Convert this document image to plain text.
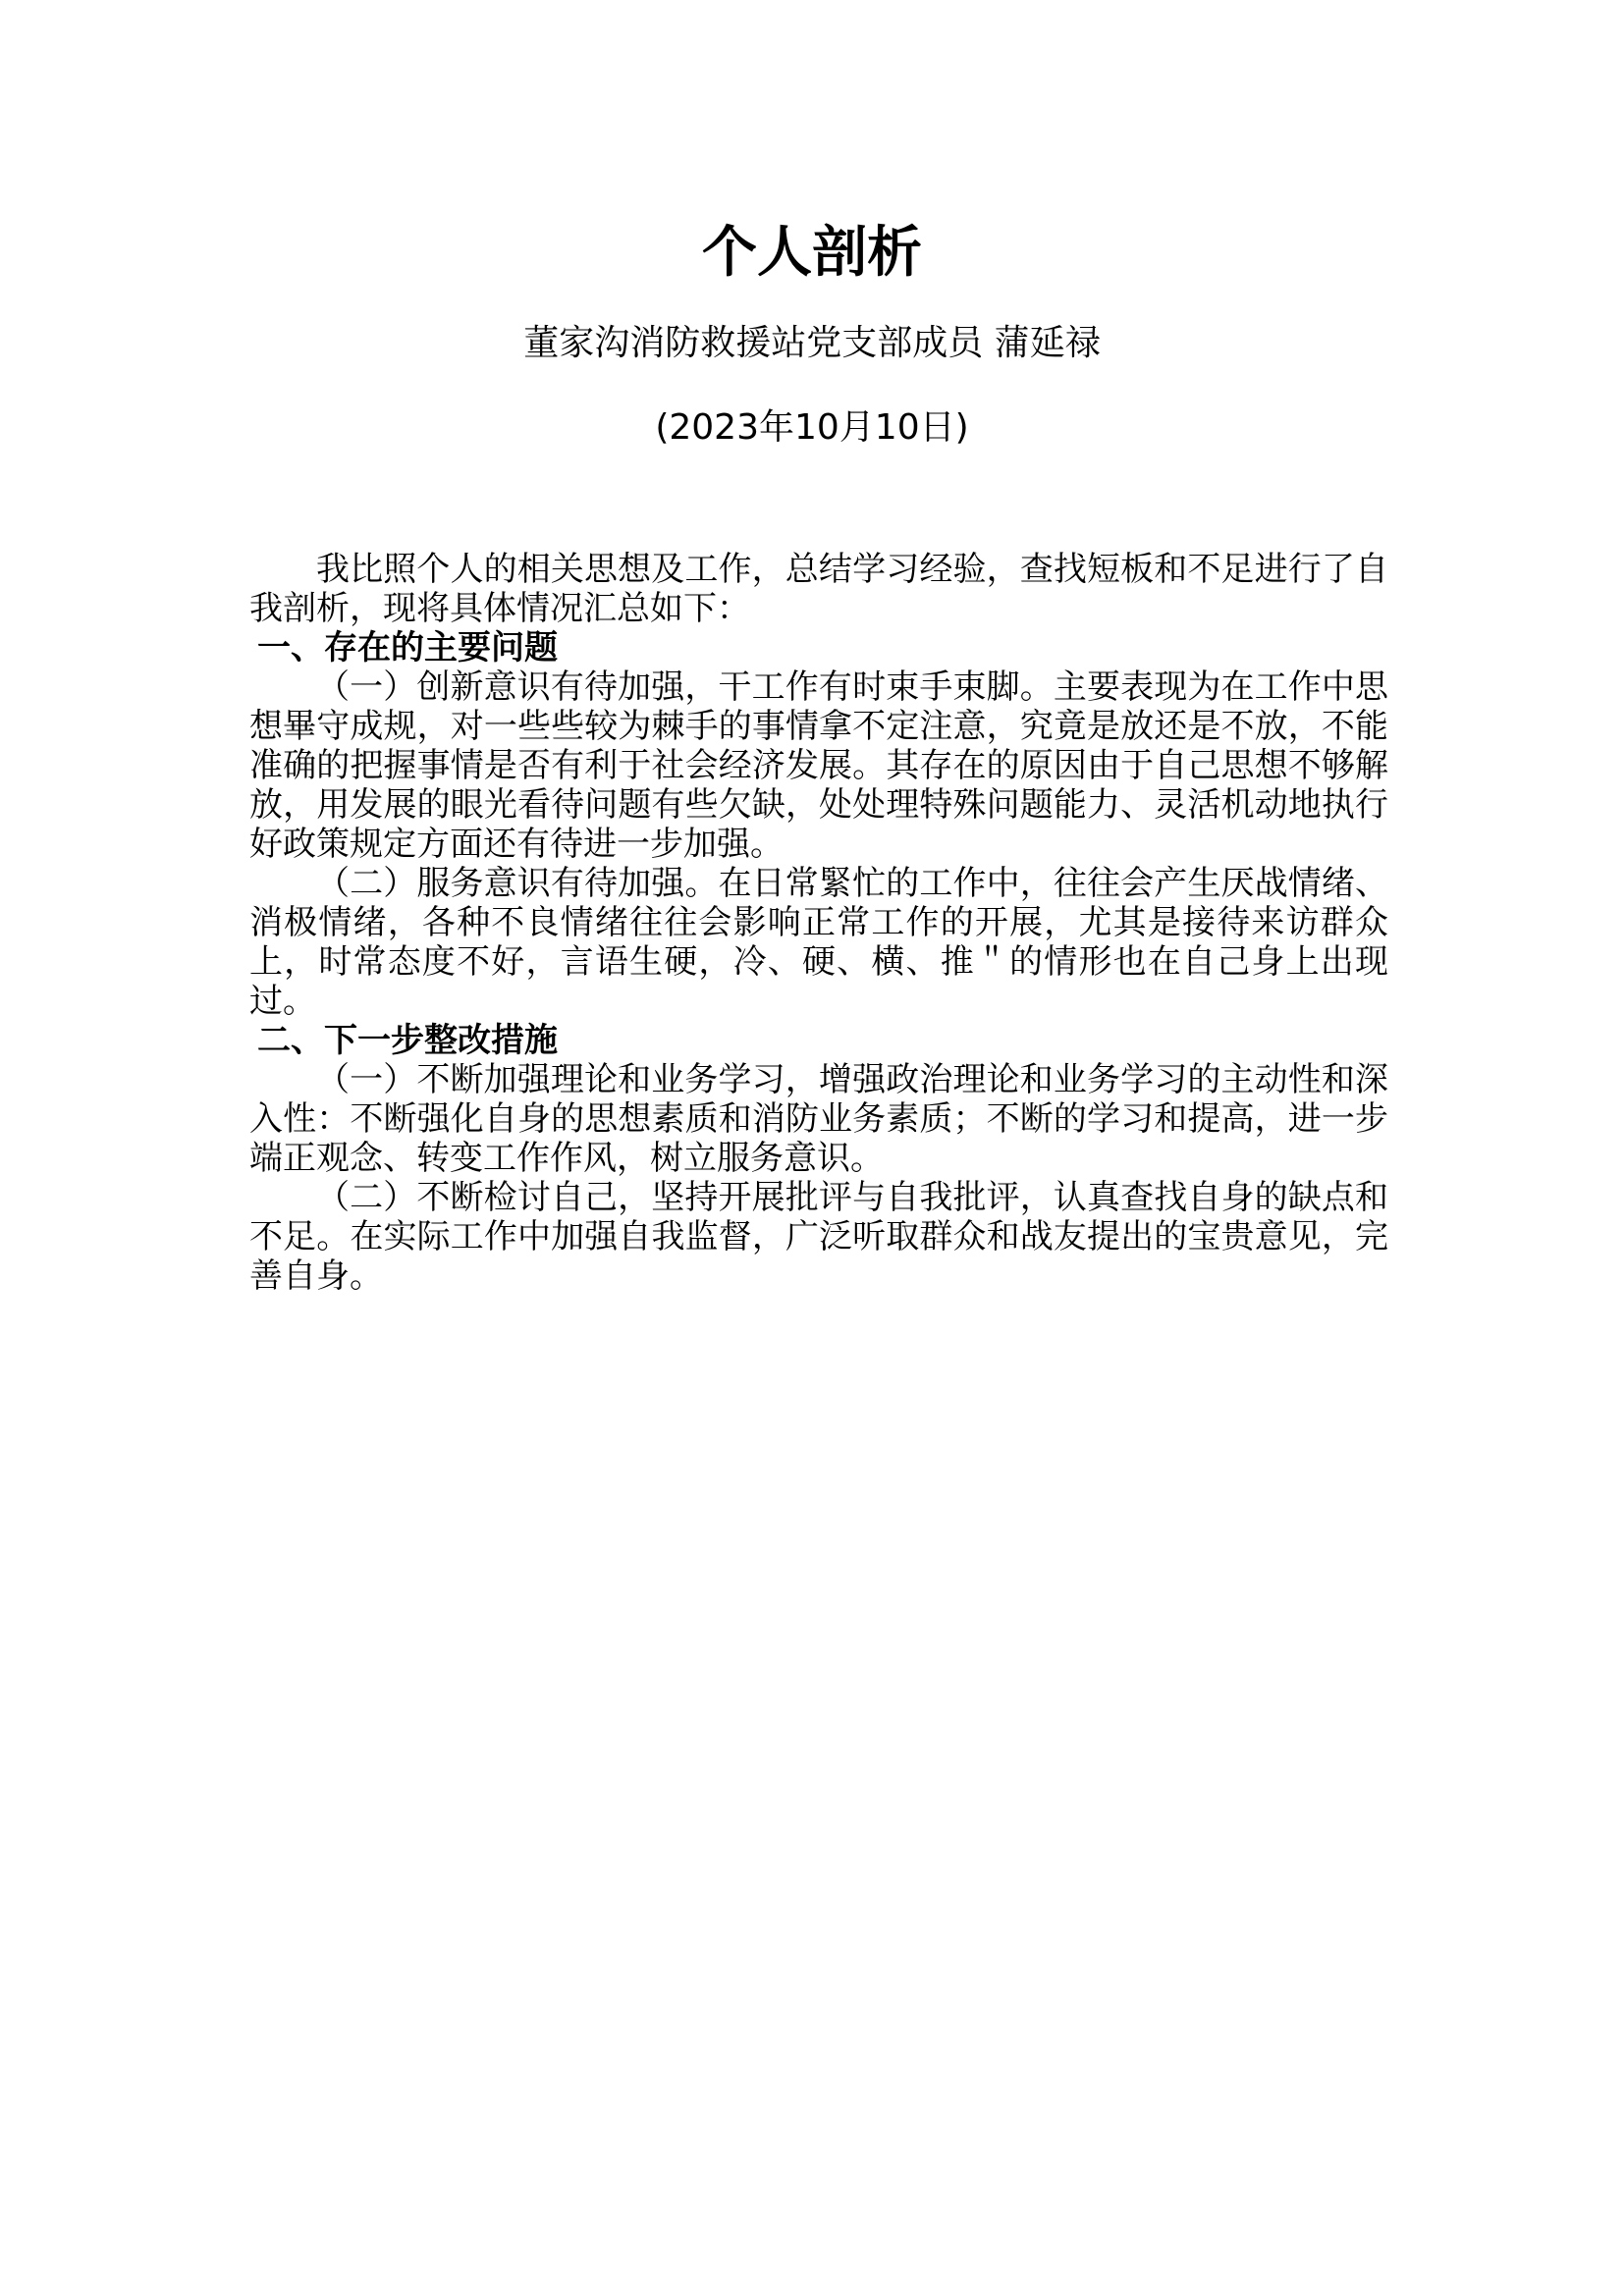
个人剖析
董家沟消防救援站党支部成员 蒲延禄
(2023年10月10日)

我比照个人的相关思想及工作，总结学习经验，查找短板和不足进行了自我剖析，现将具体情况汇总如下：

一、存在的主要问题

（一）创新意识有待加强，干工作有时束手束脚。主要表现为在工作中思想畢守成规，对一些些较为棘手的事情拿不定注意，究竟是放还是不放，不能准确的把握事情是否有利于社会经济发展。其存在的原因由于自己思想不够解放，用发展的眼光看待问题有些欠缺，处处理特殊问题能力、灵活机动地执行好政策规定方面还有待进一步加强。

（二）服务意识有待加强。在日常緊忙的工作中，往往会产生厌战情绪、消极情绪，各种不良情绪往往会影响正常工作的开展，尤其是接待来访群众上，时常态度不好，言语生硬，冷、硬、横、推＂的情形也在自己身上出现过。

二、下一步整改措施

（一）不断加强理论和业务学习，增强政治理论和业务学习的主动性和深入性：不断强化自身的思想素质和消防业务素质；不断的学习和提高，进一步端正观念、转变工作作风，树立服务意识。

（二）不断检讨自己，坚持开展批评与自我批评，认真查找自身的缺点和不足。在实际工作中加强自我监督，广泛听取群众和战友提出的宝贵意见，完善自身。
